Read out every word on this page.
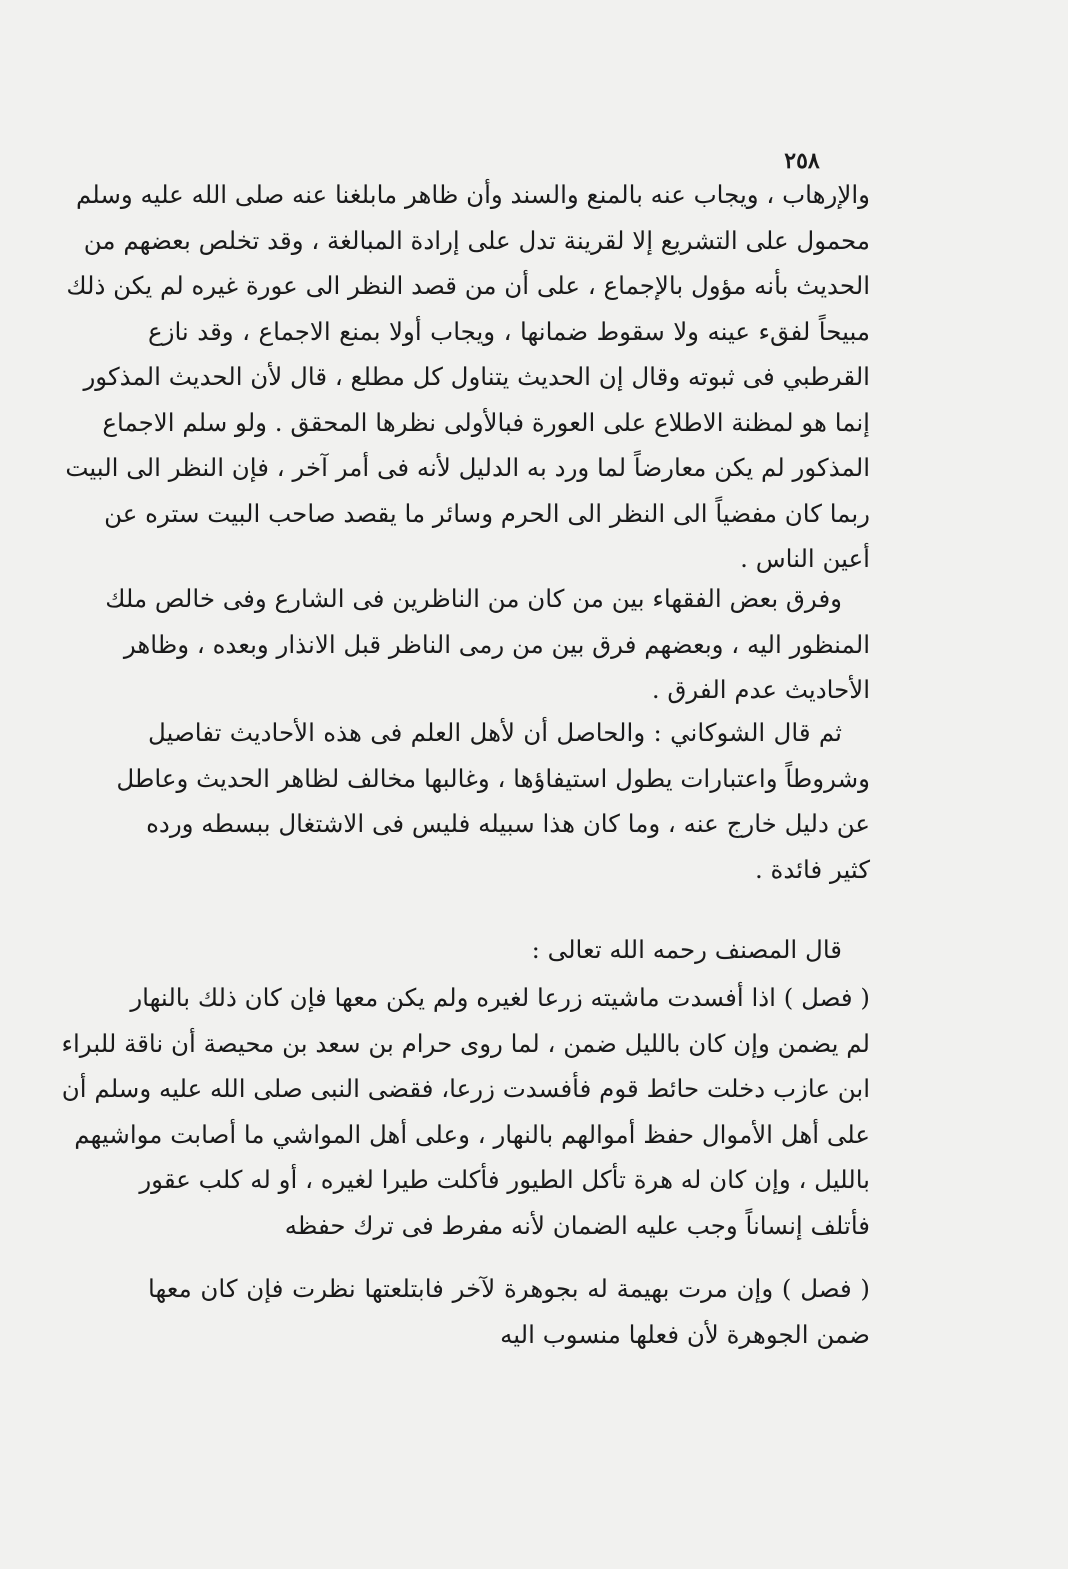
٢٥٨
والإرهاب ، ويجاب عنه بالمنع والسند وأن ظاهر مابلغنا عنه صلى الله عليه وسلم
محمول على التشريع إلا لقرينة تدل على إرادة المبالغة ، وقد تخلص بعضهم من
الحديث بأنه مؤول بالإجماع ، على أن من قصد النظر الى عورة غيره لم يكن ذلك
مبيحاً لفقء عينه ولا سقوط ضمانها ، ويجاب أولا بمنع الاجماع ، وقد نازع
القرطبي فى ثبوته وقال إن الحديث يتناول كل مطلع ، قال لأن الحديث المذكور
إنما هو لمظنة الاطلاع على العورة فبالأولى نظرها المحقق . ولو سلم الاجماع
المذكور لم يكن معارضاً لما ورد به الدليل لأنه فى أمر آخر ، فإن النظر الى البيت
ربما كان مفضياً الى النظر الى الحرم وسائر ما يقصد صاحب البيت ستره عن
أعين الناس .
وفرق بعض الفقهاء بين من كان من الناظرين فى الشارع وفى خالص ملك
المنظور اليه ، وبعضهم فرق بين من رمى الناظر قبل الانذار وبعده ، وظاهر
الأحاديث عدم الفرق .
ثم قال الشوكاني : والحاصل أن لأهل العلم فى هذه الأحاديث تفاصيل
وشروطاً واعتبارات يطول استيفاؤها ، وغالبها مخالف لظاهر الحديث وعاطل
عن دليل خارج عنه ، وما كان هذا سبيله فليس فى الاشتغال ببسطه ورده
كثير فائدة .
قال المصنف رحمه الله تعالى :
( فصل ) اذا أفسدت ماشيته زرعا لغيره ولم يكن معها فإن كان ذلك بالنهار
لم يضمن وإن كان بالليل ضمن ، لما روى حرام بن سعد بن محيصة أن ناقة للبراء
ابن عازب دخلت حائط قوم فأفسدت زرعا، فقضى النبى صلى الله عليه وسلم أن
على أهل الأموال حفظ أموالهم بالنهار ، وعلى أهل المواشي ما أصابت مواشيهم
بالليل ، وإن كان له هرة تأكل الطيور فأكلت طيرا لغيره ، أو له كلب عقور
فأتلف إنساناً وجب عليه الضمان لأنه مفرط فى ترك حفظه
( فصل ) وإن مرت بهيمة له بجوهرة لآخر فابتلعتها نظرت فإن كان معها
ضمن الجوهرة لأن فعلها منسوب اليه
